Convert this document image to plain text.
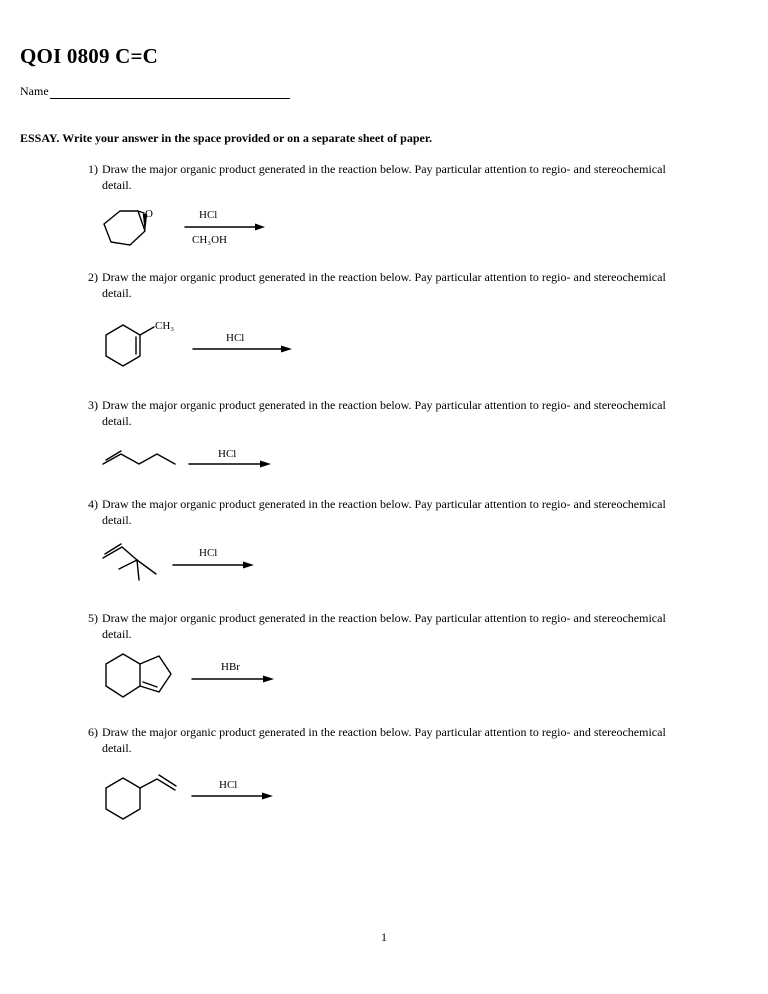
QOI 0809 C=C
Name
ESSAY. Write your answer in the space provided or on a separate sheet of paper.
1) Draw the major organic product generated in the reaction below. Pay particular attention to regio- and stereochemical detail.
O	HCl
CH₃OH
2) Draw the major organic product generated in the reaction below. Pay particular attention to regio- and stereochemical detail.
CH₃
HCl
3) Draw the major organic product generated in the reaction below. Pay particular attention to regio- and stereochemical detail.
HCl
4) Draw the major organic product generated in the reaction below. Pay particular attention to regio- and stereochemical detail.
HCl
5) Draw the major organic product generated in the reaction below. Pay particular attention to regio- and stereochemical detail.
HBr
6) Draw the major organic product generated in the reaction below. Pay particular attention to regio- and stereochemical detail.
HCl
1
